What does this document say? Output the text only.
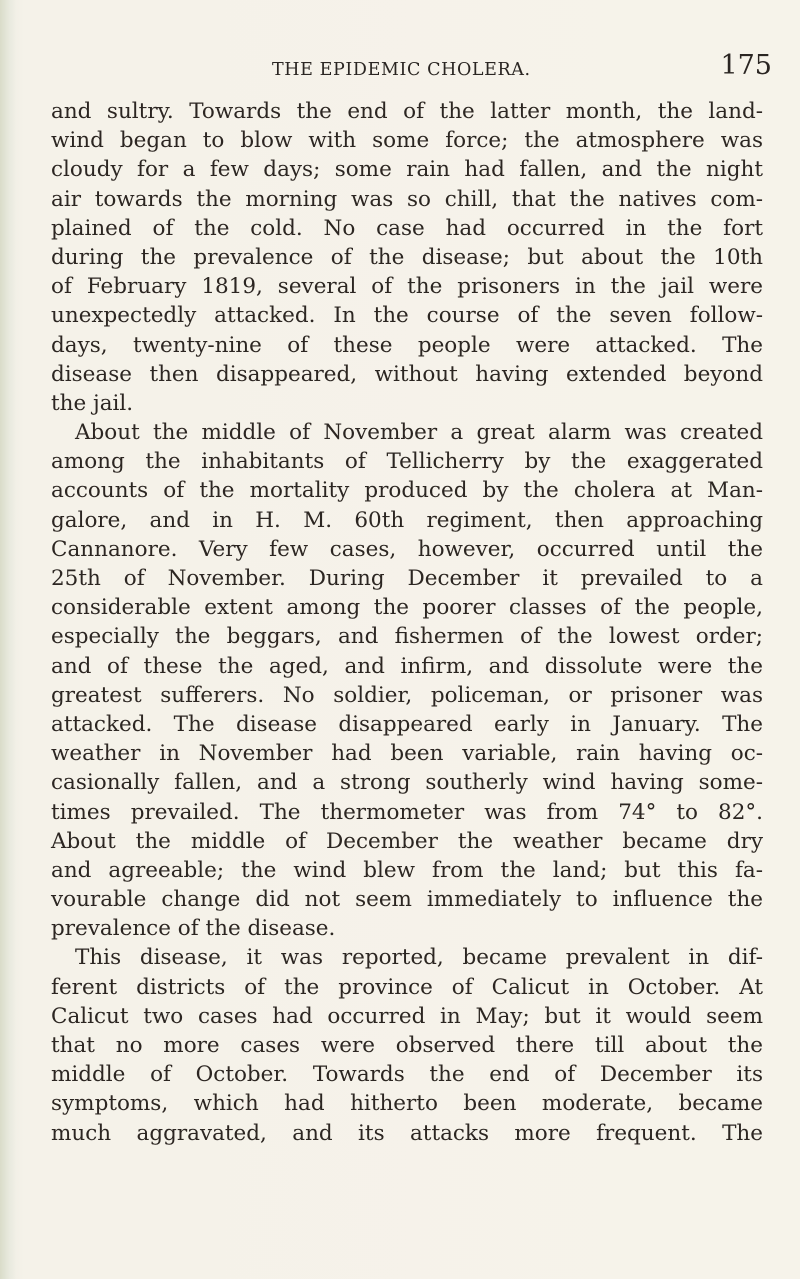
THE EPIDEMIC CHOLERA.	175
and sultry. Towards the end of the latter month, the land-
wind began to blow with some force; the atmosphere was
cloudy for a few days; some rain had fallen, and the night
air towards the morning was so chill, that the natives com-
plained of the cold. No case had occurred in the fort
during the prevalence of the disease; but about the 10th
of February 1819, several of the prisoners in the jail were
unexpectedly attacked. In the course of the seven follow-
days, twenty-nine of these people were attacked. The
disease then disappeared, without having extended beyond
the jail.
About the middle of November a great alarm was created
among the inhabitants of Tellicherry by the exaggerated
accounts of the mortality produced by the cholera at Man-
galore, and in H. M. 60th regiment, then approaching
Cannanore. Very few cases, however, occurred until the
25th of November. During December it prevailed to a
considerable extent among the poorer classes of the people,
especially the beggars, and fishermen of the lowest order;
and of these the aged, and infirm, and dissolute were the
greatest sufferers. No soldier, policeman, or prisoner was
attacked. The disease disappeared early in January. The
weather in November had been variable, rain having oc-
casionally fallen, and a strong southerly wind having some-
times prevailed. The thermometer was from 74° to 82°.
About the middle of December the weather became dry
and agreeable; the wind blew from the land; but this fa-
vourable change did not seem immediately to influence the
prevalence of the disease.
This disease, it was reported, became prevalent in dif-
ferent districts of the province of Calicut in October. At
Calicut two cases had occurred in May; but it would seem
that no more cases were observed there till about the
middle of October. Towards the end of December its
symptoms, which had hitherto been moderate, became
much aggravated, and its attacks more frequent. The
